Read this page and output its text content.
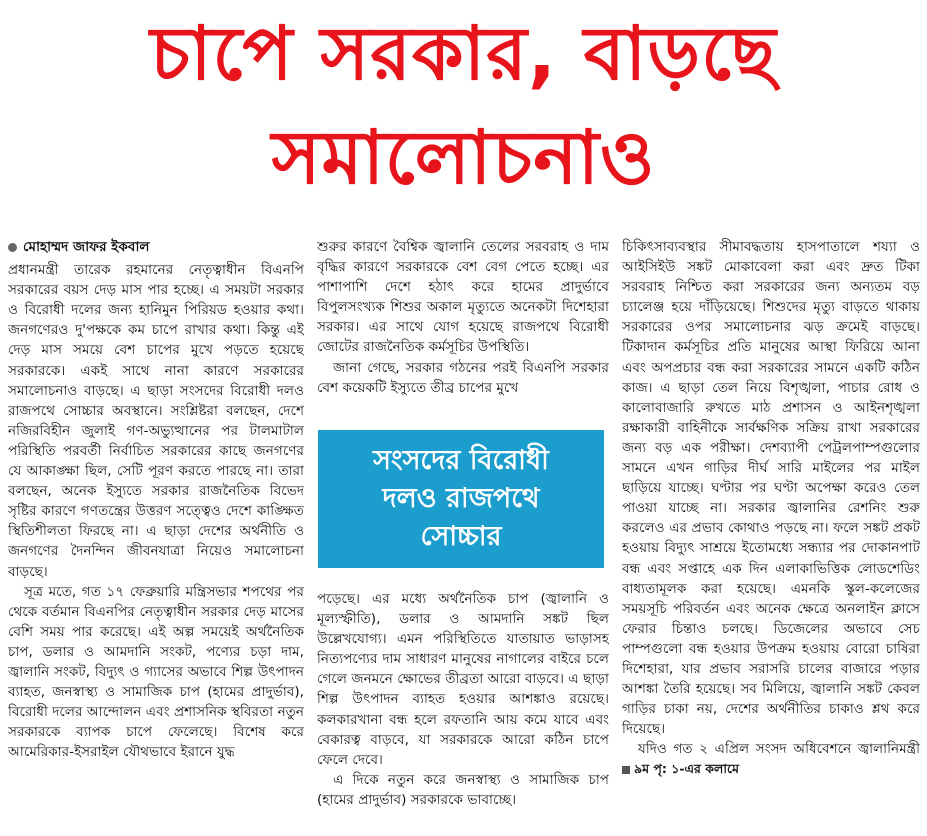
চাপে সরকার, বাড়ছে
সমালোচনাও
মোহাম্মদ জাফর ইকবাল

প্রধানমন্ত্রী তারেক রহমানের নেতৃত্বাধীন বিএনপি সরকারের বয়স দেড় মাস পার হচ্ছে। এ সময়টা সরকার ও বিরোধী দলের জন্য হানিমুন পিরিয়ড হওয়ার কথা। জনগণেরও দু'পক্ষকে কম চাপে রাখার কথা। কিন্তু এই দেড় মাস সময়ে বেশ চাপের মুখে পড়তে হয়েছে সরকারকে। একই সাথে নানা কারণে সরকারের সমালোচনাও বাড়ছে। এ ছাড়া সংসদের বিরোধী দলও রাজপথে সোচ্চার অবস্থানে। সংশ্লিষ্টরা বলছেন, দেশে নজিরবিহীন জুলাই গণ-অভ্যুত্থানের পর টালমাটাল পরিস্থিতি পরবর্তী নির্বাচিত সরকারের কাছে জনগণের যে আকাঙ্ক্ষা ছিল, সেটি পূরণ করতে পারছে না। তারা বলছেন, অনেক ইস্যুতে সরকার রাজনৈতিক বিভেদ সৃষ্টির কারণে গণতন্ত্রের উত্তরণ সত্ত্বেও দেশে কাঙ্ক্ষিত স্থিতিশীলতা ফিরছে না। এ ছাড়া দেশের অর্থনীতি ও জনগণের দৈনন্দিন জীবনযাত্রা নিয়েও সমালোচনা বাড়ছে।

সূত্র মতে, গত ১৭ ফেব্রুয়ারি মন্ত্রিসভার শপথের পর থেকে বর্তমান বিএনপির নেতৃত্বাধীন সরকার দেড় মাসের বেশি সময় পার করেছে। এই অল্প সময়েই অর্থনৈতিক চাপ, ডলার ও আমদানি সংকট, পণ্যের চড়া দাম, জ্বালানি সংকট, বিদ্যুৎ ও গ্যাসের অভাবে শিল্প উৎপাদন ব্যাহত, জনস্বাস্থ্য ও সামাজিক চাপ (হামের প্রাদুর্ভাব), বিরোধী দলের আন্দোলন এবং প্রশাসনিক স্থবিরতা নতুন সরকারকে ব্যাপক চাপে ফেলেছে। বিশেষ করে আমেরিকার-ইসরাইল যৌথভাবে ইরানে যুদ্ধ

শুরুর কারণে বৈশ্বিক জ্বালানি তেলের সরবরাহ ও দাম বৃদ্ধির কারণে সরকারকে বেশ বেগ পেতে হচ্ছে। এর পাশাপাশি দেশে হঠাৎ করে হামের প্রাদুর্ভাবে বিপুলসংখ্যক শিশুর অকাল মৃত্যুতে অনেকটা দিশেহারা সরকার। এর সাথে যোগ হয়েছে রাজপথে বিরোধী জোটের রাজনৈতিক কর্মসূচির উপস্থিতি।

জানা গেছে, সরকার গঠনের পরই বিএনপি সরকার বেশ কয়েকটি ইস্যুতে তীব্র চাপের মুখে

পড়েছে। এর মধ্যে অর্থনৈতিক চাপ (জ্বালানি ও মূল্যস্ফীতি), ডলার ও আমদানি সঙ্কট ছিল উল্লেখযোগ্য। এমন পরিস্থিতিতে যাতায়াত ভাড়াসহ নিত্যপণ্যের দাম সাধারণ মানুষের নাগালের বাইরে চলে গেলে জনমনে ক্ষোভের তীব্রতা আরো বাড়বে। এ ছাড়া শিল্প উৎপাদন ব্যাহত হওয়ার আশঙ্কাও রয়েছে। কলকারখানা বন্ধ হলে রফতানি আয় কমে যাবে এবং বেকারত্ব বাড়বে, যা সরকারকে আরো কঠিন চাপে ফেলে দেবে।

এ দিকে নতুন করে জনস্বাস্থ্য ও সামাজিক চাপ (হামের প্রাদুর্ভাব) সরকারকে ভাবাচ্ছে।

সংসদের বিরোধী
দলও রাজপথে
সোচ্চার

চিকিৎসাব্যবস্থার সীমাবদ্ধতায় হাসপাতালে শয্যা ও আইসিইউ সঙ্কট মোকাবেলা করা এবং দ্রুত টিকা সরবরাহ নিশ্চিত করা সরকারের জন্য অন্যতম বড় চ্যালেঞ্জ হয়ে দাঁড়িয়েছে। শিশুদের মৃত্যু বাড়তে থাকায় সরকারের ওপর সমালোচনার ঝড় ক্রমেই বাড়ছে। টিকাদান কর্মসূচির প্রতি মানুষের আস্থা ফিরিয়ে আনা এবং অপপ্রচার বন্ধ করা সরকারের সামনে একটি কঠিন কাজ। এ ছাড়া তেল নিয়ে বিশৃঙ্খলা, পাচার রোধ ও কালোবাজারি রুখতে মাঠ প্রশাসন ও আইনশৃঙ্খলা রক্ষাকারী বাহিনীকে সার্বক্ষণিক সক্রিয় রাখা সরকারের জন্য বড় এক পরীক্ষা। দেশব্যাপী পেট্রলপাম্পগুলোর সামনে এখন গাড়ির দীর্ঘ সারি মাইলের পর মাইল ছাড়িয়ে যাচ্ছে। ঘণ্টার পর ঘণ্টা অপেক্ষা করেও তেল পাওয়া যাচ্ছে না। সরকার জ্বালানির রেশনিং শুরু করলেও এর প্রভাব কোথাও পড়ছে না। ফলে সঙ্কট প্রকট হওয়ায় বিদ্যুৎ সাশ্রয়ে ইতোমধ্যে সন্ধ্যার পর দোকানপাট বন্ধ এবং সপ্তাহে এক দিন এলাকাভিত্তিক লোডশেডিং বাধ্যতামূলক করা হয়েছে। এমনকি স্কুল-কলেজের সময়সূচি পরিবর্তন এবং অনেক ক্ষেত্রে অনলাইন ক্লাসে ফেরার চিন্তাও চলছে। ডিজেলের অভাবে সেচ পাম্পগুলো বন্ধ হওয়ার উপক্রম হওয়ায় বোরো চাষিরা দিশেহারা, যার প্রভাব সরাসরি চালের বাজারে পড়ার আশঙ্কা তৈরি হয়েছে। সব মিলিয়ে, জ্বালানি সঙ্কট কেবল গাড়ির চাকা নয়, দেশের অর্থনীতির চাকাও শ্লথ করে দিয়েছে।

যদিও গত ২ এপ্রিল সংসদ অধিবেশনে জ্বালানিমন্ত্রী ৯ম পৃ: ১-এর কলামে
